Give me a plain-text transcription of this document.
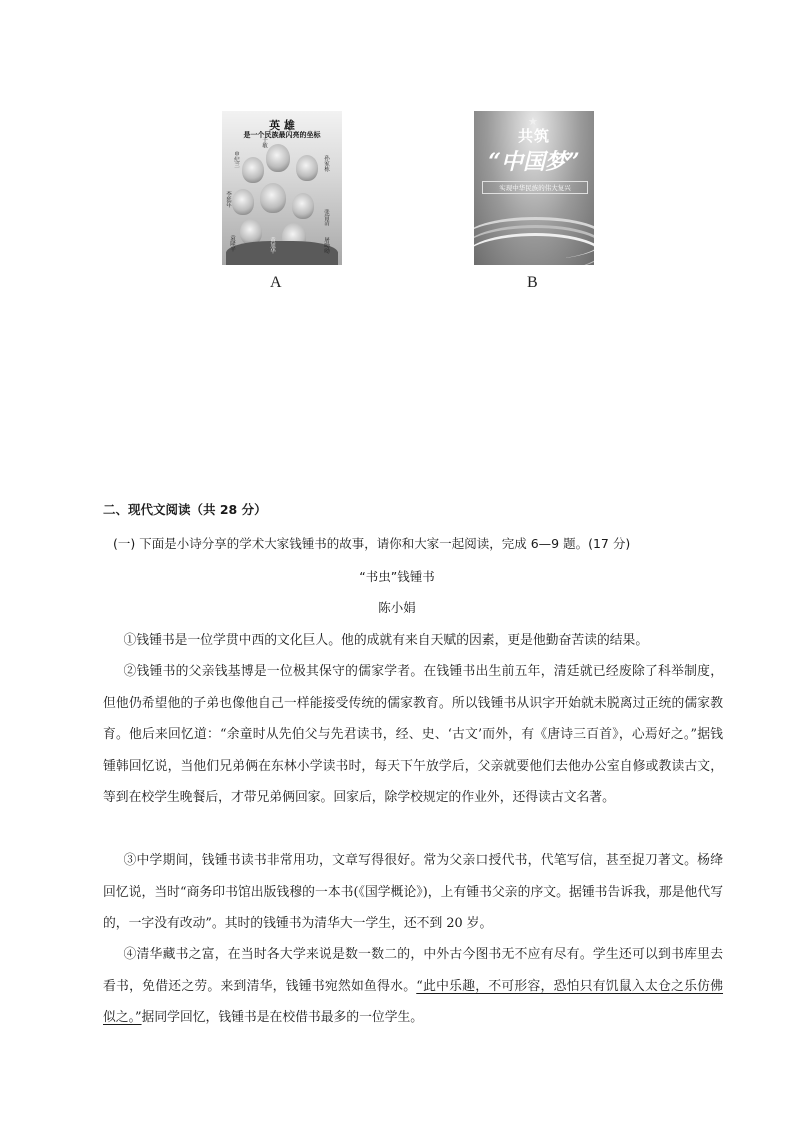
英 雄
是一个民族最闪亮的坐标
于敏
申纪兰	孙家栋
李延年
张富清
袁隆平	黄旭华	屠呦呦
A
★
共筑
“中国梦”
实现中华民族的伟大复兴
B
二、现代文阅读（共 28 分）
(一) 下面是小诗分享的学术大家钱锺书的故事，请你和大家一起阅读，完成 6—9 题。(17 分)
“书虫”钱锺书
陈小娟
①钱锺书是一位学贯中西的文化巨人。他的成就有来自天赋的因素，更是他勤奋苦读的结果。
②钱锺书的父亲钱基博是一位极其保守的儒家学者。在钱锺书出生前五年，清廷就已经废除了科举制度，但他仍希望他的子弟也像他自己一样能接受传统的儒家教育。所以钱锺书从识字开始就未脱离过正统的儒家教育。他后来回忆道：“余童时从先伯父与先君读书，经、史、‘古文’而外，有《唐诗三百首》，心焉好之。”据钱锺韩回忆说，当他们兄弟俩在东林小学读书时，每天下午放学后，父亲就要他们去他办公室自修或教读古文，等到在校学生晚餐后，才带兄弟俩回家。回家后，除学校规定的作业外，还得读古文名著。
③中学期间，钱锺书读书非常用功，文章写得很好。常为父亲口授代书，代笔写信，甚至捉刀著文。杨绛回忆说，当时“商务印书馆出版钱穆的一本书(《国学概论》)，上有锺书父亲的序文。据锺书告诉我，那是他代写的，一字没有改动”。其时的钱锺书为清华大一学生，还不到 20 岁。
④清华藏书之富，在当时各大学来说是数一数二的，中外古今图书无不应有尽有。学生还可以到书库里去看书，免借还之劳。来到清华，钱锺书宛然如鱼得水。“此中乐趣，不可形容，恐怕只有饥鼠入太仓之乐仿佛似之。”据同学回忆，钱锺书是在校借书最多的一位学生。
